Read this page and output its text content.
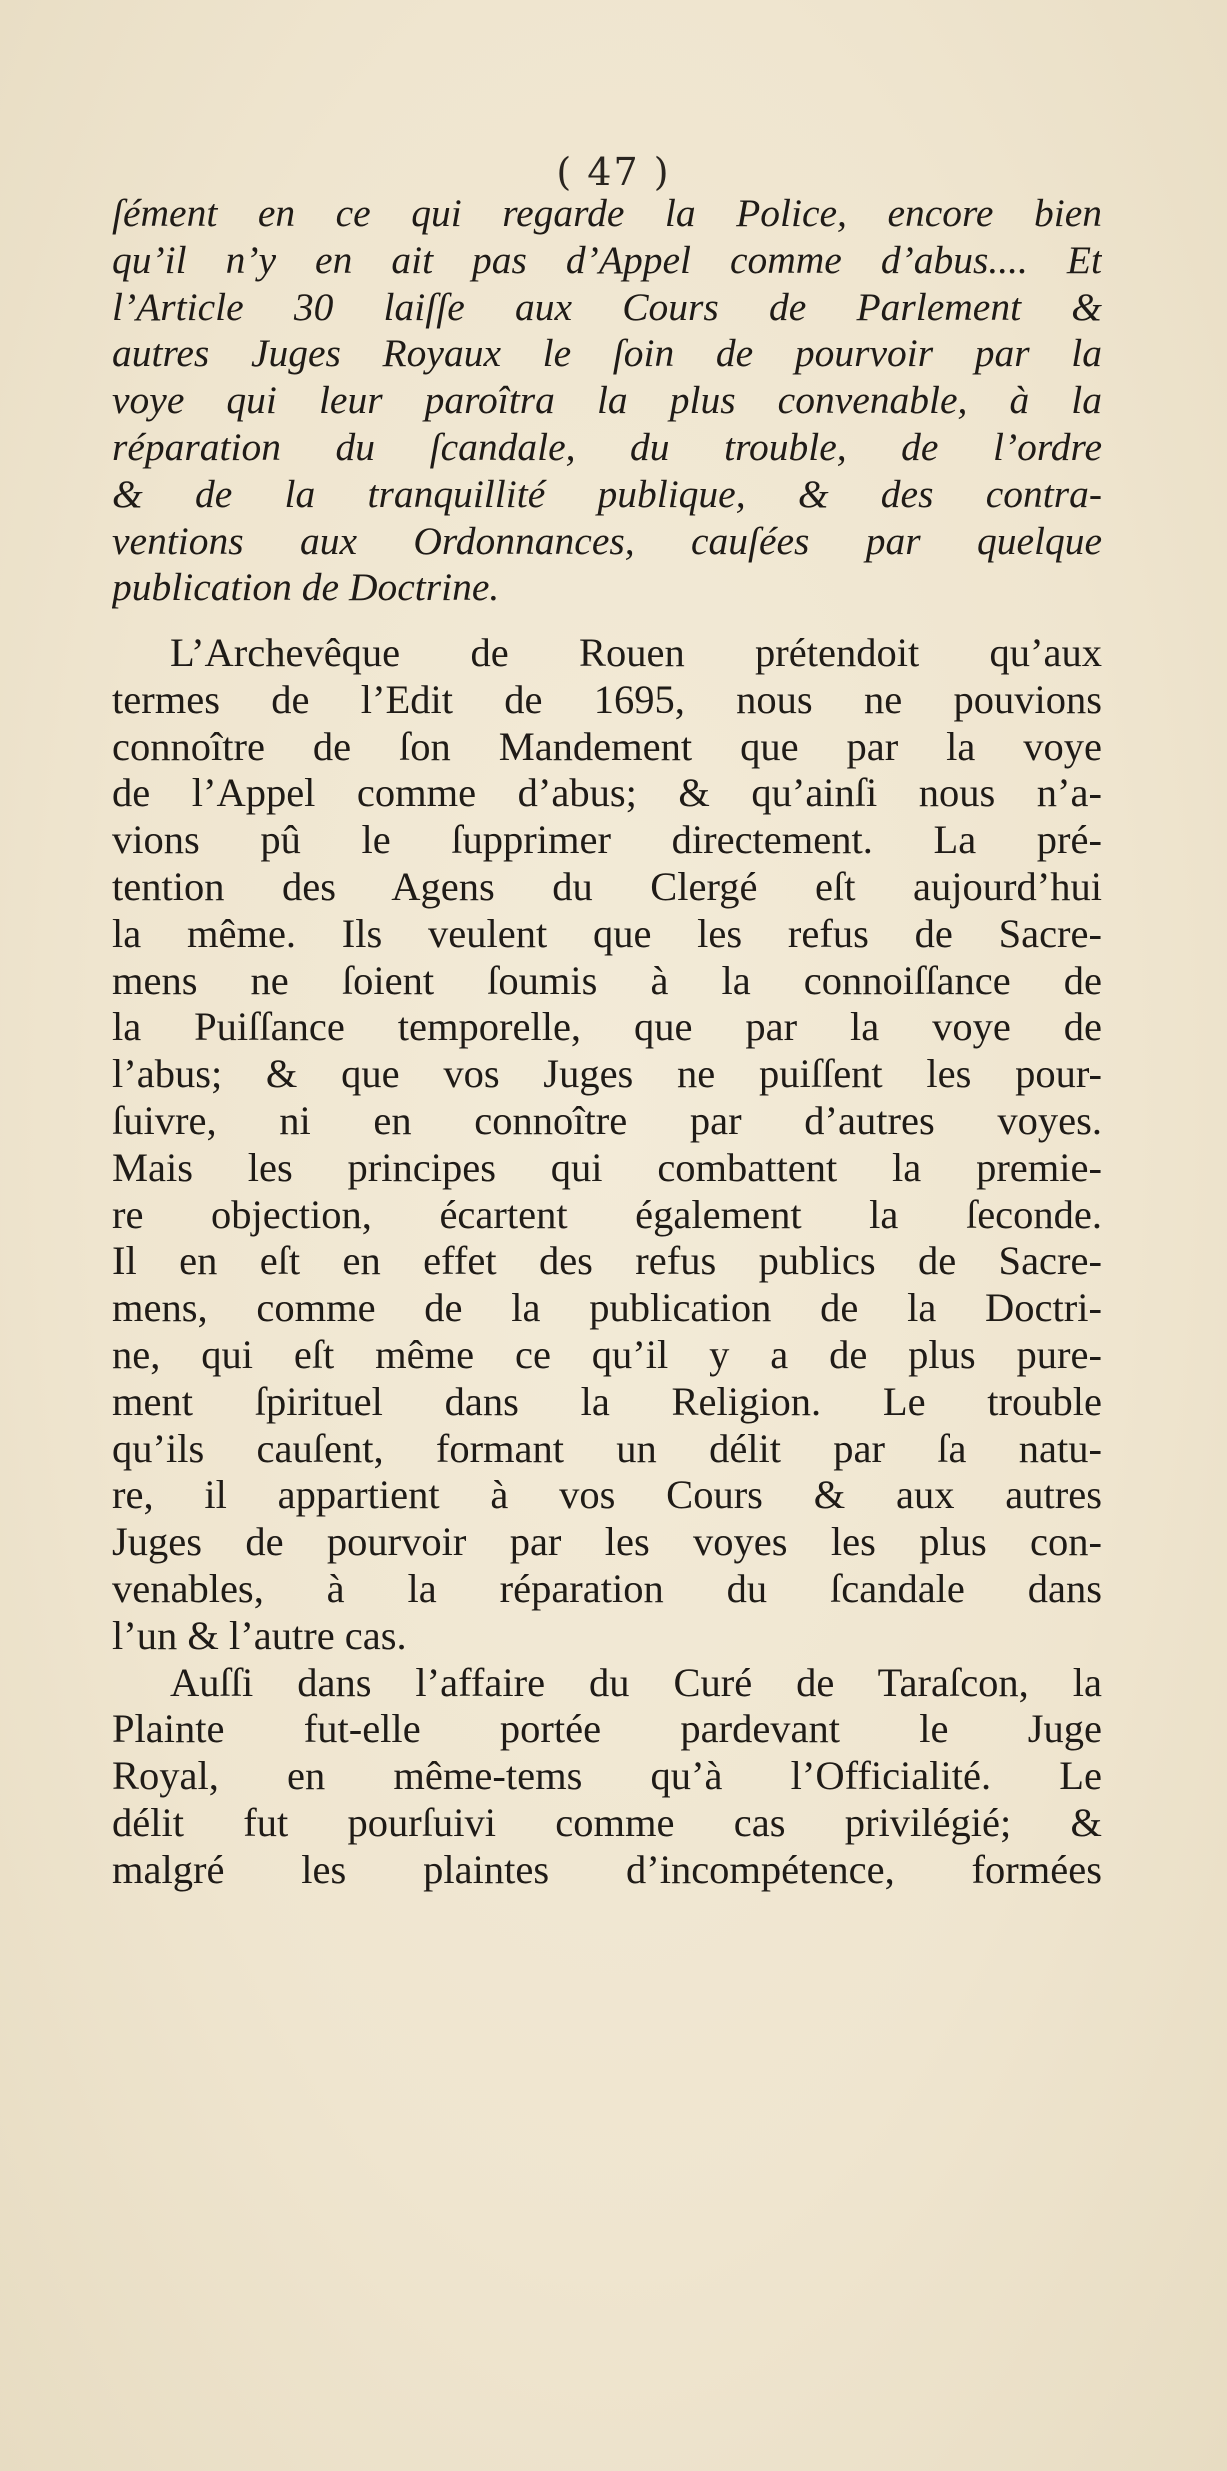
( 47 )
ſément en ce qui regarde la Police, encore bien
qu’il n’y en ait pas d’Appel comme d’abus.... Et
l’Article 30 laiſſe aux Cours de Parlement &
autres Juges Royaux le ſoin de pourvoir par la
voye qui leur paroîtra la plus convenable, à la
réparation du ſcandale, du trouble, de l’ordre
& de la tranquillité publique, & des contra-
ventions aux Ordonnances, cauſées par quelque
publication de Doctrine.
L’Archevêque de Rouen prétendoit qu’aux
termes de l’Edit de 1695, nous ne pouvions
connoître de ſon Mandement que par la voye
de l’Appel comme d’abus; & qu’ainſi nous n’a-
vions pû le ſupprimer directement. La pré-
tention des Agens du Clergé eſt aujourd’hui
la même. Ils veulent que les refus de Sacre-
mens ne ſoient ſoumis à la connoiſſance de
la Puiſſance temporelle, que par la voye de
l’abus; & que vos Juges ne puiſſent les pour-
ſuivre, ni en connoître par d’autres voyes.
Mais les principes qui combattent la premie-
re objection, écartent également la ſeconde.
Il en eſt en effet des refus publics de Sacre-
mens, comme de la publication de la Doctri-
ne, qui eſt même ce qu’il y a de plus pure-
ment ſpirituel dans la Religion. Le trouble
qu’ils cauſent, formant un délit par ſa natu-
re, il appartient à vos Cours & aux autres
Juges de pourvoir par les voyes les plus con-
venables, à la réparation du ſcandale dans
l’un & l’autre cas.
Auſſi dans l’affaire du Curé de Taraſcon, la
Plainte fut-elle portée pardevant le Juge
Royal, en même-tems qu’à l’Officialité. Le
délit fut pourſuivi comme cas privilégié; &
malgré les plaintes d’incompétence, formées
